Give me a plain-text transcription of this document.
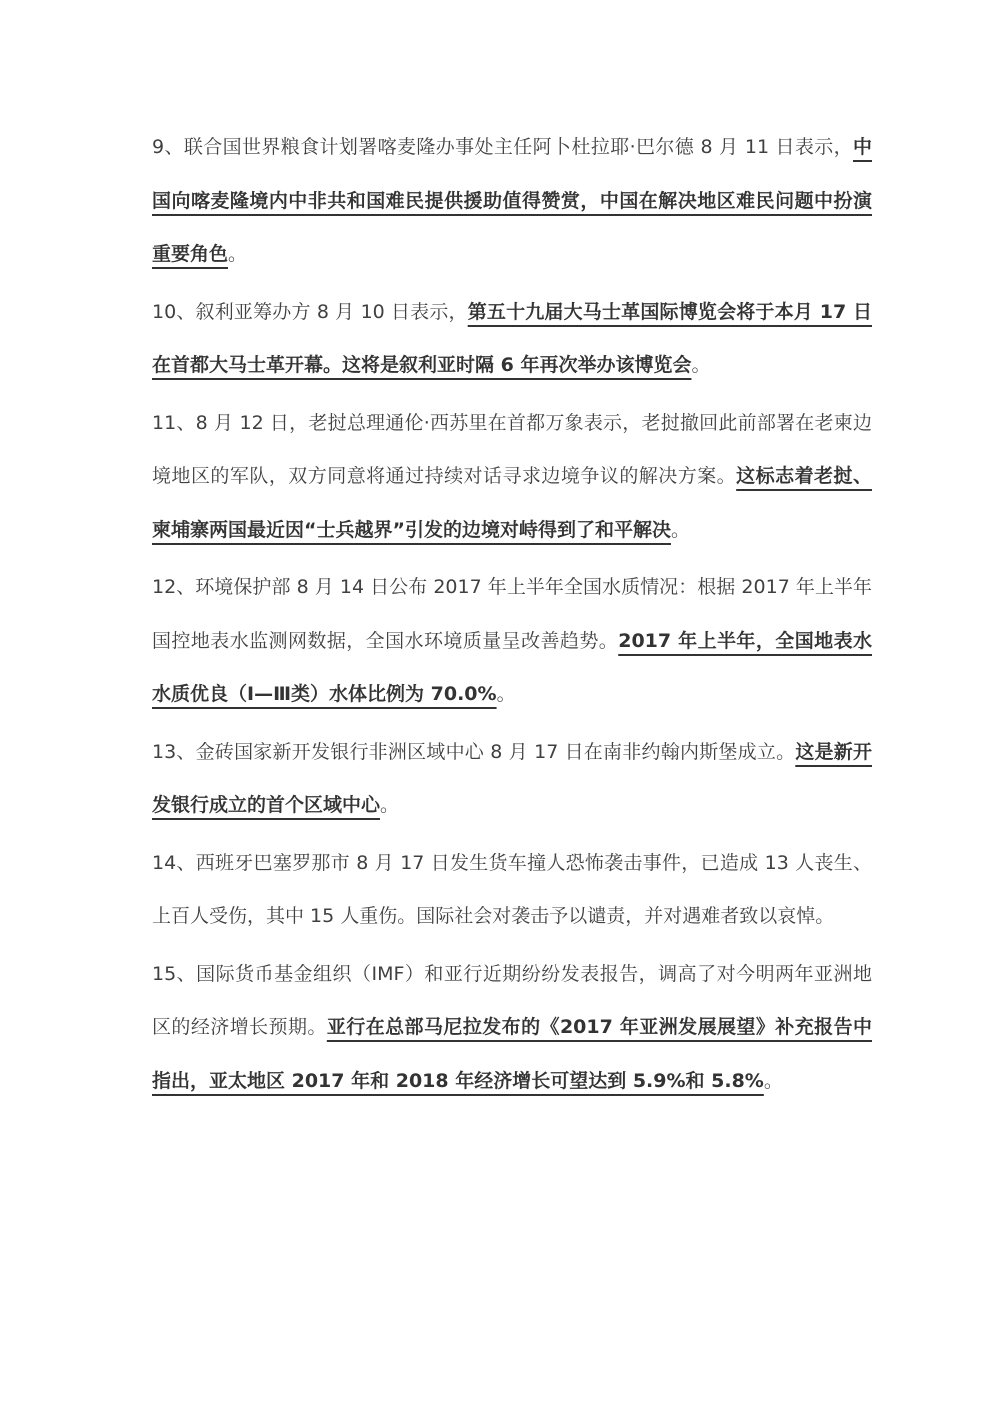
9、联合国世界粮食计划署喀麦隆办事处主任阿卜杜拉耶·巴尔德 8 月 11 日表示，中国向喀麦隆境内中非共和国难民提供援助值得赞赏，中国在解决地区难民问题中扮演重要角色。

10、叙利亚筹办方 8 月 10 日表示，第五十九届大马士革国际博览会将于本月 17 日在首都大马士革开幕。这将是叙利亚时隔 6 年再次举办该博览会。

11、8 月 12 日，老挝总理通伦·西苏里在首都万象表示，老挝撤回此前部署在老柬边境地区的军队，双方同意将通过持续对话寻求边境争议的解决方案。这标志着老挝、柬埔寨两国最近因“士兵越界”引发的边境对峙得到了和平解决。

12、环境保护部 8 月 14 日公布 2017 年上半年全国水质情况：根据 2017 年上半年国控地表水监测网数据，全国水环境质量呈改善趋势。2017 年上半年，全国地表水水质优良（Ⅰ—Ⅲ类）水体比例为 70.0%。

13、金砖国家新开发银行非洲区域中心 8 月 17 日在南非约翰内斯堡成立。这是新开发银行成立的首个区域中心。

14、西班牙巴塞罗那市 8 月 17 日发生货车撞人恐怖袭击事件，已造成 13 人丧生、上百人受伤，其中 15 人重伤。国际社会对袭击予以谴责，并对遇难者致以哀悼。

15、国际货币基金组织（IMF）和亚行近期纷纷发表报告，调高了对今明两年亚洲地区的经济增长预期。亚行在总部马尼拉发布的《2017 年亚洲发展展望》补充报告中指出，亚太地区 2017 年和 2018 年经济增长可望达到 5.9%和 5.8%。
